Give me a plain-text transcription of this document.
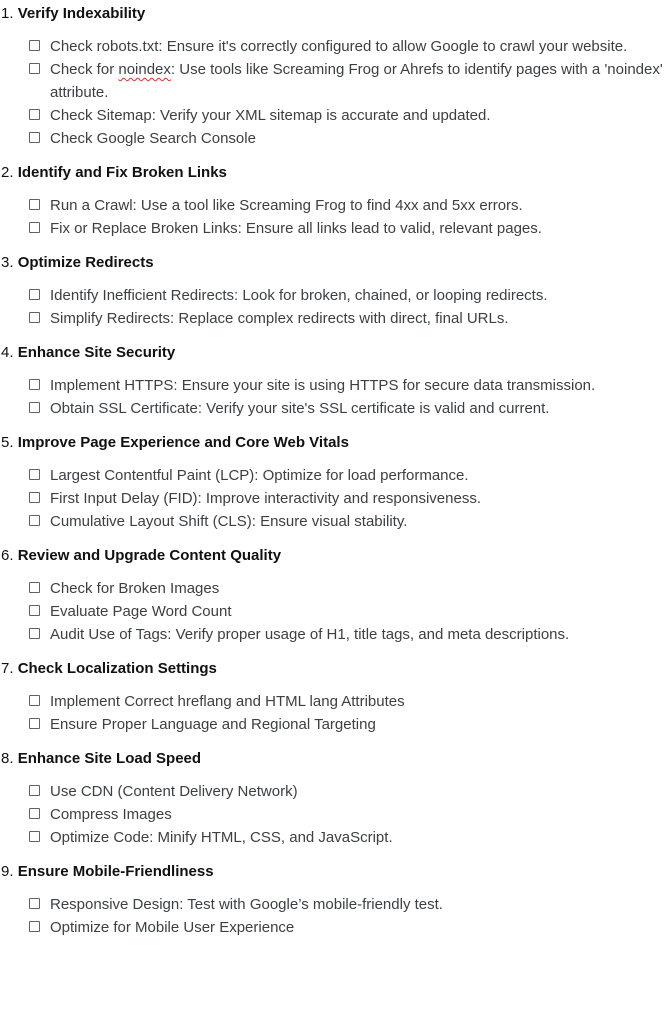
1. Verify Indexability
Check robots.txt: Ensure it's correctly configured to allow Google to crawl your website.
Check for noindex: Use tools like Screaming Frog or Ahrefs to identify pages with a 'noindex' attribute.
Check Sitemap: Verify your XML sitemap is accurate and updated.
Check Google Search Console
2. Identify and Fix Broken Links
Run a Crawl: Use a tool like Screaming Frog to find 4xx and 5xx errors.
Fix or Replace Broken Links: Ensure all links lead to valid, relevant pages.
3. Optimize Redirects
Identify Inefficient Redirects: Look for broken, chained, or looping redirects.
Simplify Redirects: Replace complex redirects with direct, final URLs.
4. Enhance Site Security
Implement HTTPS: Ensure your site is using HTTPS for secure data transmission.
Obtain SSL Certificate: Verify your site's SSL certificate is valid and current.
5. Improve Page Experience and Core Web Vitals
Largest Contentful Paint (LCP): Optimize for load performance.
First Input Delay (FID): Improve interactivity and responsiveness.
Cumulative Layout Shift (CLS): Ensure visual stability.
6. Review and Upgrade Content Quality
Check for Broken Images
Evaluate Page Word Count
Audit Use of Tags: Verify proper usage of H1, title tags, and meta descriptions.
7. Check Localization Settings
Implement Correct hreflang and HTML lang Attributes
Ensure Proper Language and Regional Targeting
8. Enhance Site Load Speed
Use CDN (Content Delivery Network)
Compress Images
Optimize Code: Minify HTML, CSS, and JavaScript.
9. Ensure Mobile-Friendliness
Responsive Design: Test with Google’s mobile-friendly test.
Optimize for Mobile User Experience
